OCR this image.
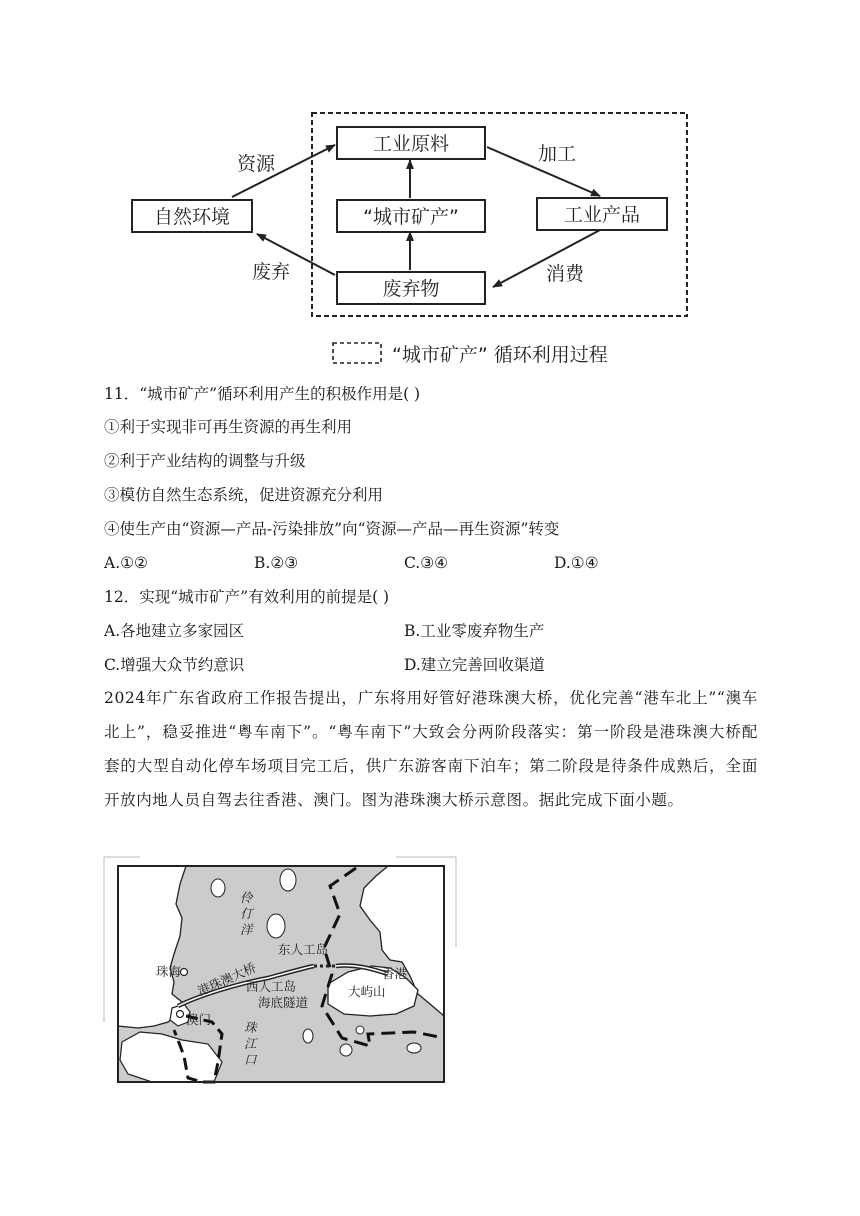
工业原料
自然环境	“城市矿产”	工业产品
废弃物
资源	加工
废弃	消费
“城市矿产” 循环利用过程
11．“城市矿产”循环利用产生的积极作用是( )
①利于实现非可再生资源的再生利用
②利于产业结构的调整与升级
③模仿自然生态系统，促进资源充分利用
④使生产由“资源—产品-污染排放”向“资源—产品—再生资源”转变
A.①②	B.②③	C.③④	D.①④
12．实现“城市矿产”有效利用的前提是( )
A.各地建立多家园区	B.工业零废弃物生产
C.增强大众节约意识	D.建立完善回收渠道
2024年广东省政府工作报告提出，广东将用好管好港珠澳大桥，优化完善“港车北上”“澳车北上”，稳妥推进“粤车南下”。“粤车南下”大致会分两阶段落实：第一阶段是港珠澳大桥配套的大型自动化停车场项目完工后，供广东游客南下泊车；第二阶段是待条件成熟后，全面开放内地人员自驾去往香港、澳门。图为港珠澳大桥示意图。据此完成下面小题。
伶
仃
洋
珠海 港珠澳大桥
东人工岛
西人工岛
海底隧道
香港
大屿山
澳门
珠
江
口
